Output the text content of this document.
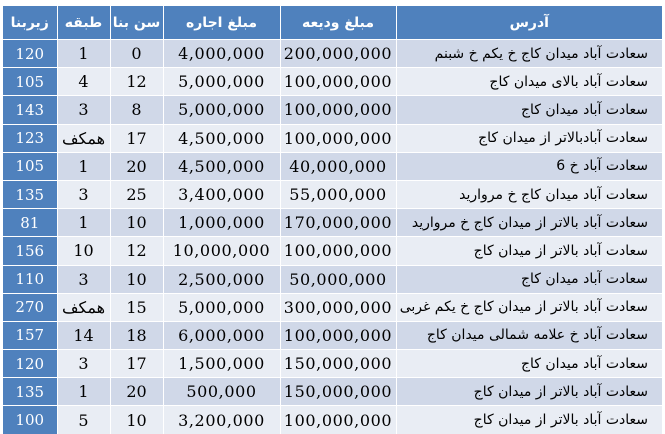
زیربنا	طبقه	سن بنا	مبلغ اجاره	مبلغ ودیعه	آدرس
120	1	0	4,000,000	200,000,000	سعادت آباد میدان کاج خ یکم خ شبنم
105	4	12	5,000,000	100,000,000	سعادت آباد بالای میدان کاج
143	3	8	5,000,000	100,000,000	سعادت آباد میدان کاج
123	همکف	17	4,500,000	100,000,000	سعادت آبادبالاتر از میدان کاج
105	1	20	4,500,000	40,000,000	سعادت آباد خ 6
135	3	25	3,400,000	55,000,000	سعادت آباد میدان کاج خ مروارید
81	1	10	1,000,000	170,000,000	سعادت آباد بالاتر از میدان کاج خ مروارید
156	10	12	10,000,000	100,000,000	سعادت آباد بالاتر از میدان کاج
110	3	10	2,500,000	50,000,000	سعادت آباد میدان کاج
270	همکف	15	5,000,000	300,000,000	سعادت آباد بالاتر از میدان کاج خ یکم غربی
157	14	18	6,000,000	100,000,000	سعادت آباد خ علامه شمالی میدان کاج
120	3	17	1,500,000	150,000,000	سعادت آباد میدان کاج
135	1	20	500,000	150,000,000	سعادت آباد بالاتر از میدان کاج
100	5	10	3,200,000	100,000,000	سعادت آباد بالاتر از میدان کاج
